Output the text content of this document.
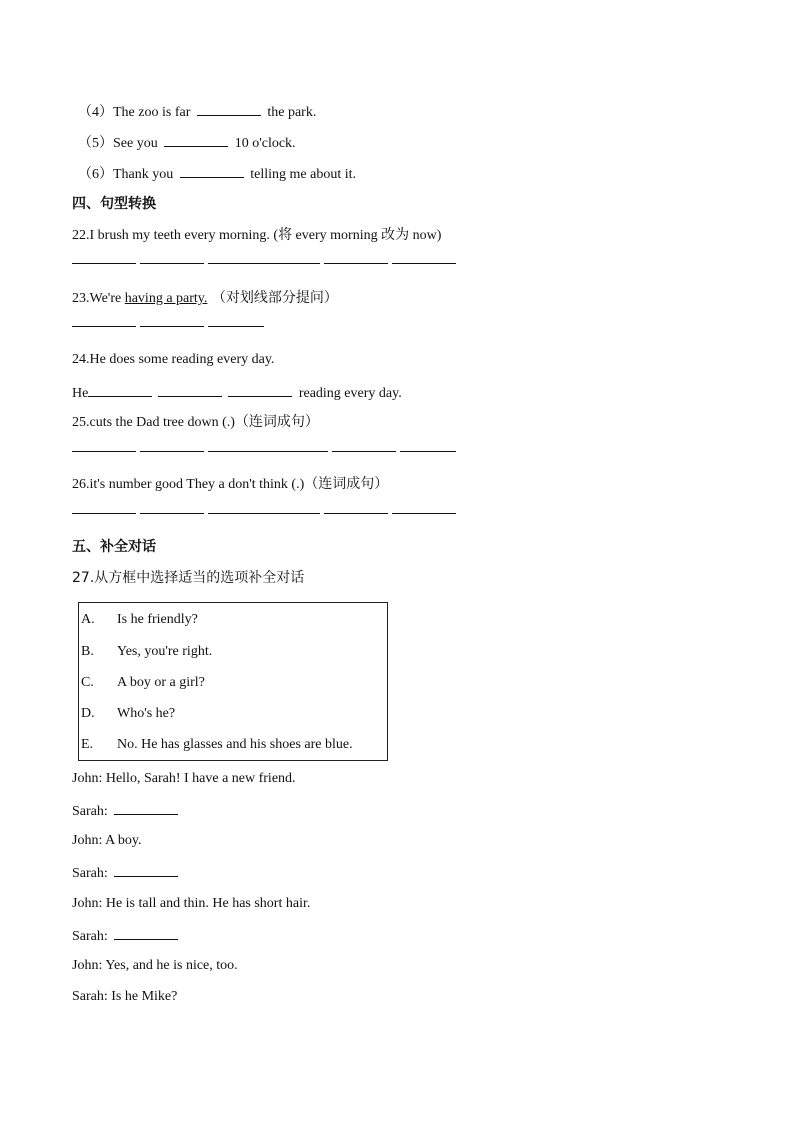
（4）The zoo is far	the park.
（5）See you	10 o'clock.
（6）Thank you	telling me about it.
四、句型转换
22.I brush my teeth every morning. (将 every morning 改为 now)
23.We're having a party. （对划线部分提问）
24.He does some reading every day.
He	reading every day.
25.cuts the Dad tree down (.)（连词成句）
26.it's number good They a don't think (.)（连词成句）
五、补全对话
27.从方框中选择适当的选项补全对话
A. Is he friendly?
B. Yes, you're right.
C. A boy or a girl?
D. Who's he?
E. No. He has glasses and his shoes are blue.
John: Hello, Sarah! I have a new friend.
Sarah:
John: A boy.
Sarah:
John: He is tall and thin. He has short hair.
Sarah:
John: Yes, and he is nice, too.
Sarah: Is he Mike?
